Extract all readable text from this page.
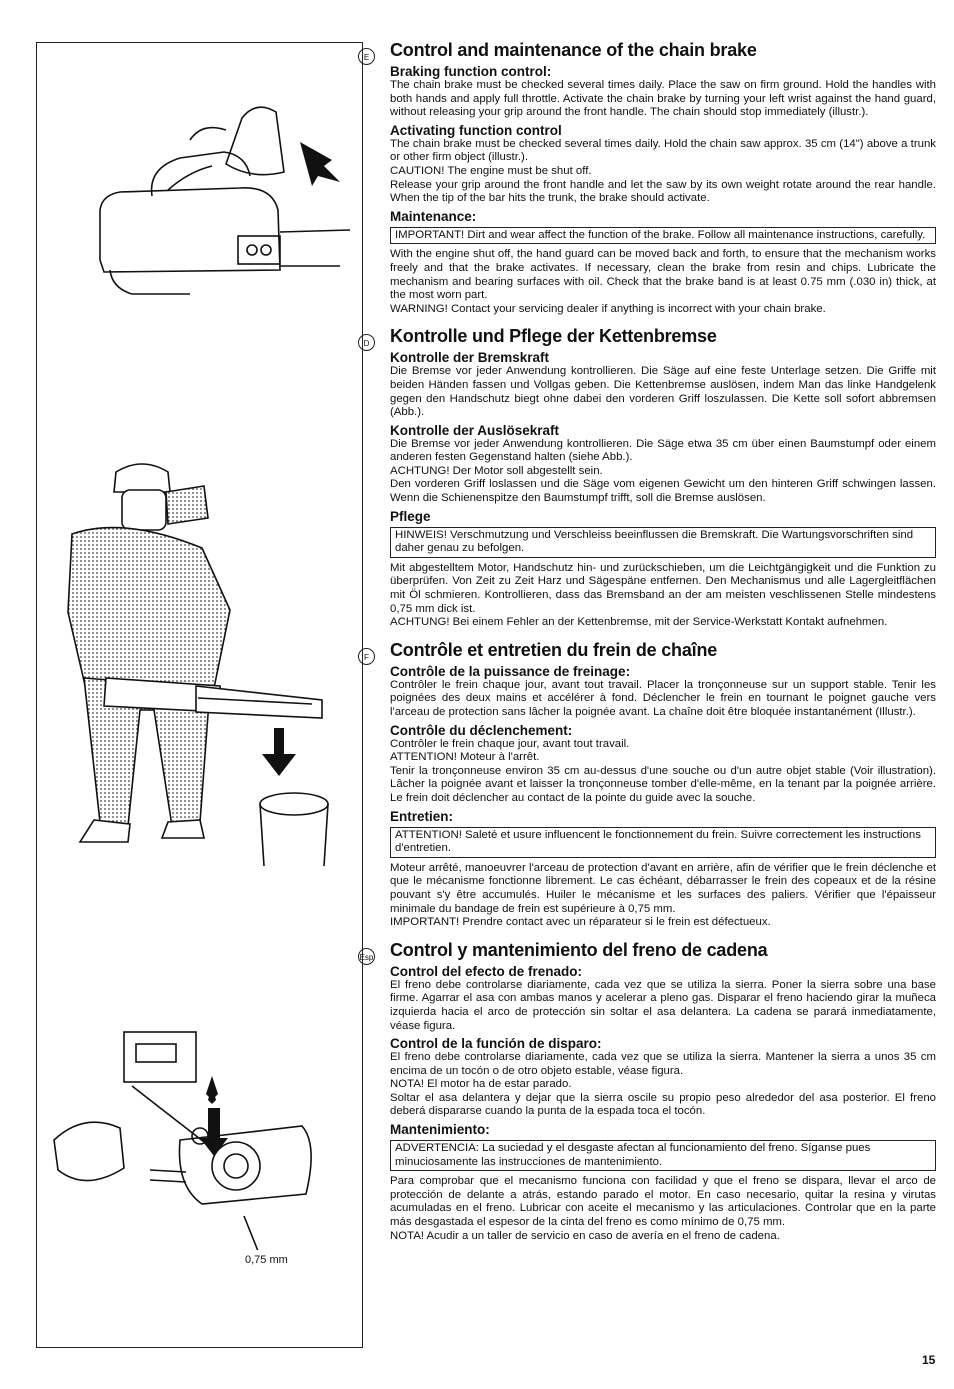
0,75 mm
E	Control and maintenance of the chain brake
Braking function control:

The chain brake must be checked several times daily. Place the saw on firm ground. Hold the handles with both hands and apply full throttle. Activate the chain brake by turning your left wrist against the hand guard, without releasing your grip around the front handle. The chain should stop immediately (illustr.).

Activating function control

The chain brake must be checked several times daily. Hold the chain saw approx. 35 cm (14") above a trunk or other firm object (illustr.).

CAUTION! The engine must be shut off.

Release your grip around the front handle and let the saw by its own weight rotate around the rear handle. When the tip of the bar hits the trunk, the brake should activate.

Maintenance:
IMPORTANT! Dirt and wear affect the function of the brake. Follow all maintenance instructions, carefully.

With the engine shut off, the hand guard can be moved back and forth, to ensure that the mechanism works freely and that the brake activates. If necessary, clean the brake from resin and chips. Lubricate the mechanism and bearing surfaces with oil. Check that the brake band is at least 0.75 mm (.030 in) thick, at the most worn part.

WARNING! Contact your servicing dealer if anything is incorrect with your chain brake.

D	Kontrolle und Pflege der Kettenbremse
Kontrolle der Bremskraft

Die Bremse vor jeder Anwendung kontrollieren. Die Säge auf eine feste Unterlage setzen. Die Griffe mit beiden Händen fassen und Vollgas geben. Die Kettenbremse auslösen, indem Man das linke Handgelenk gegen den Handschutz biegt ohne dabei den vorderen Griff loszulassen. Die Kette soll sofort abbremsen (Abb.).

Kontrolle der Auslösekraft

Die Bremse vor jeder Anwendung kontrollieren. Die Säge etwa 35 cm über einen Baumstumpf oder einem anderen festen Gegenstand halten (siehe Abb.).

ACHTUNG! Der Motor soll abgestellt sein.

Den vorderen Griff loslassen und die Säge vom eigenen Gewicht um den hinteren Griff schwingen lassen. Wenn die Schienenspitze den Baumstumpf trifft, soll die Bremse auslösen.

Pflege
HINWEIS! Verschmutzung und Verschleiss beeinflussen die Bremskraft. Die Wartungsvorschriften sind daher genau zu befolgen.

Mit abgestelltem Motor, Handschutz hin- und zurückschieben, um die Leichtgängigkeit und die Funktion zu überprüfen. Von Zeit zu Zeit Harz und Sägespäne entfernen. Den Mechanismus und alle Lagergleitflächen mit Öl schmieren. Kontrollieren, dass das Bremsband an der am meisten veschlissenen Stelle mindestens 0,75 mm dick ist.

ACHTUNG! Bei einem Fehler an der Kettenbremse, mit der Service-Werkstatt Kontakt aufnehmen.

F	Contrôle et entretien du frein de chaîne
Contrôle de la puissance de freinage:

Contrôler le frein chaque jour, avant tout travail. Placer la tronçonneuse sur un support stable. Tenir les poignées des deux mains et accélérer à fond. Déclencher le frein en tournant le poignet gauche vers l'arceau de protection sans lâcher la poignée avant. La chaîne doit être bloquée instantanément (Illustr.).

Contrôle du déclenchement:

Contrôler le frein chaque jour, avant tout travail.

ATTENTION! Moteur à l'arrêt.

Tenir la tronçonneuse environ 35 cm au-dessus d'une souche ou d'un autre objet stable (Voir illustration). Lâcher la poignée avant et laisser la tronçonneuse tomber d'elle-même, en la tenant par la poignée arrière. Le frein doit déclencher au contact de la pointe du guide avec la souche.

Entretien:
ATTENTION! Saleté et usure influencent le fonctionnement du frein. Suivre correctement les instructions d'entretien.

Moteur arrêté, manoeuvrer l'arceau de protection d'avant en arrière, afin de vérifier que le frein déclenche et que le mécanisme fonctionne librement. Le cas échéant, débarrasser le frein des copeaux et de la résine pouvant s'y être accumulés. Huiler le mécanisme et les surfaces des paliers. Vérifier que l'épaisseur minimale du bandage de frein est supérieure à 0,75 mm.

IMPORTANT! Prendre contact avec un réparateur si le frein est défectueux.

Esp Control y mantenimiento del freno de cadena
Control del efecto de frenado:

El freno debe controlarse diariamente, cada vez que se utiliza la sierra. Poner la sierra sobre una base firme. Agarrar el asa con ambas manos y acelerar a pleno gas. Disparar el freno haciendo girar la muñeca izquierda hacia el arco de protección sin soltar el asa delantera. La cadena se parará inmediatamente, véase figura.

Control de la función de disparo:

El freno debe controlarse diariamente, cada vez que se utiliza la sierra. Mantener la sierra a unos 35 cm encima de un tocón o de otro objeto estable, véase figura.

NOTA! El motor ha de estar parado.

Soltar el asa delantera y dejar que la sierra oscile su propio peso alrededor del asa posterior. El freno deberá dispararse cuando la punta de la espada toca el tocón.

Mantenimiento:
ADVERTENCIA: La suciedad y el desgaste afectan al funcionamiento del freno. Síganse pues minuciosamente las instrucciones de mantenimiento.

Para comprobar que el mecanismo funciona con facilidad y que el freno se dispara, llevar el arco de protección de delante a atrás, estando parado el motor. En caso necesario, quitar la resina y virutas acumuladas en el freno. Lubricar con aceite el mecanismo y las articulaciones. Controlar que en la parte más desgastada el espesor de la cinta del freno es como mínimo de 0,75 mm.

NOTA! Acudir a un taller de servicio en caso de avería en el freno de cadena.

15
